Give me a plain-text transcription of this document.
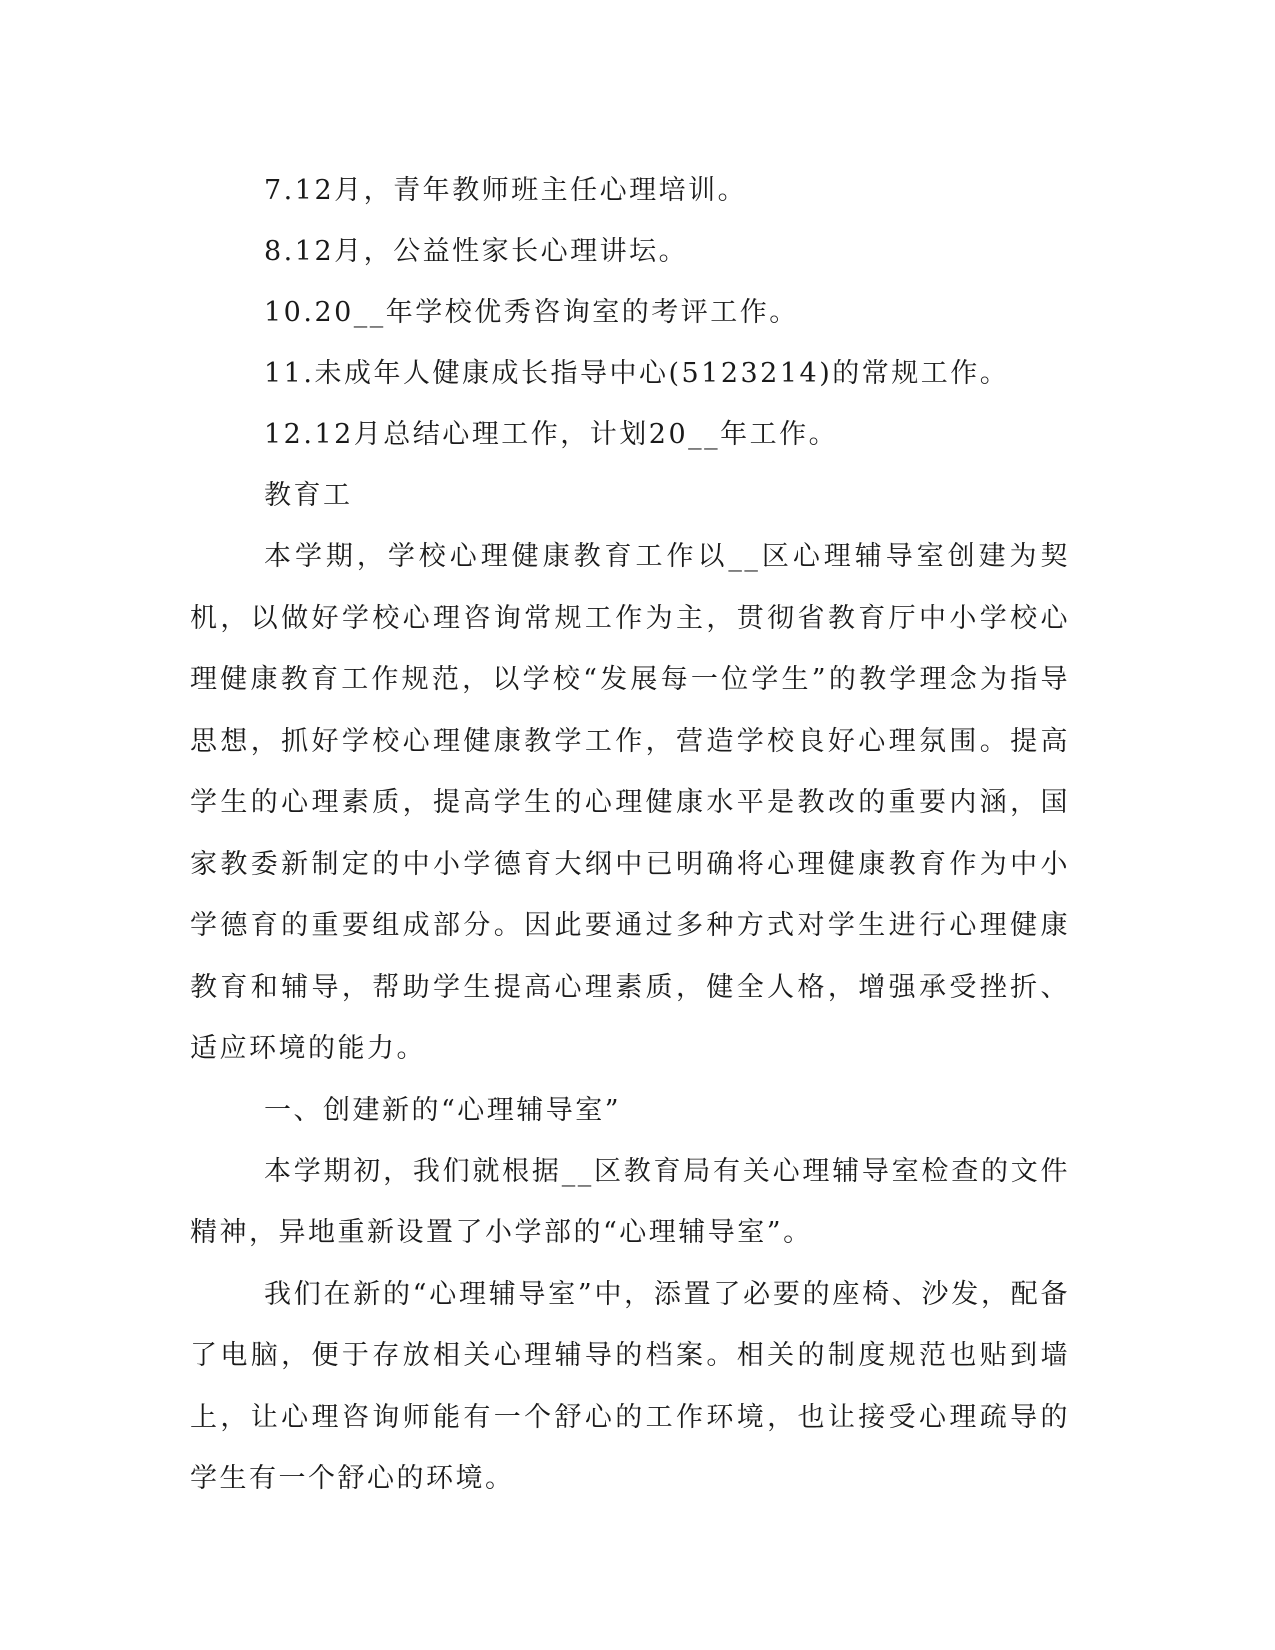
7.12月，青年教师班主任心理培训。
8.12月，公益性家长心理讲坛。
10.20__年学校优秀咨询室的考评工作。
11.未成年人健康成长指导中心(5123214)的常规工作。
12.12月总结心理工作，计划20__年工作。
教育工

本学期，学校心理健康教育工作以__区心理辅导室创建为契机，以做好学校心理咨询常规工作为主，贯彻省教育厅中小学校心理健康教育工作规范，以学校“发展每一位学生”的教学理念为指导思想，抓好学校心理健康教学工作，营造学校良好心理氛围。提高学生的心理素质，提高学生的心理健康水平是教改的重要内涵，国家教委新制定的中小学德育大纲中已明确将心理健康教育作为中小学德育的重要组成部分。因此要通过多种方式对学生进行心理健康教育和辅导，帮助学生提高心理素质，健全人格，增强承受挫折、适应环境的能力。

一、创建新的“心理辅导室”

本学期初，我们就根据__区教育局有关心理辅导室检查的文件精神，异地重新设置了小学部的“心理辅导室”。

我们在新的“心理辅导室”中，添置了必要的座椅、沙发，配备了电脑，便于存放相关心理辅导的档案。相关的制度规范也贴到墙上，让心理咨询师能有一个舒心的工作环境，也让接受心理疏导的学生有一个舒心的环境。
